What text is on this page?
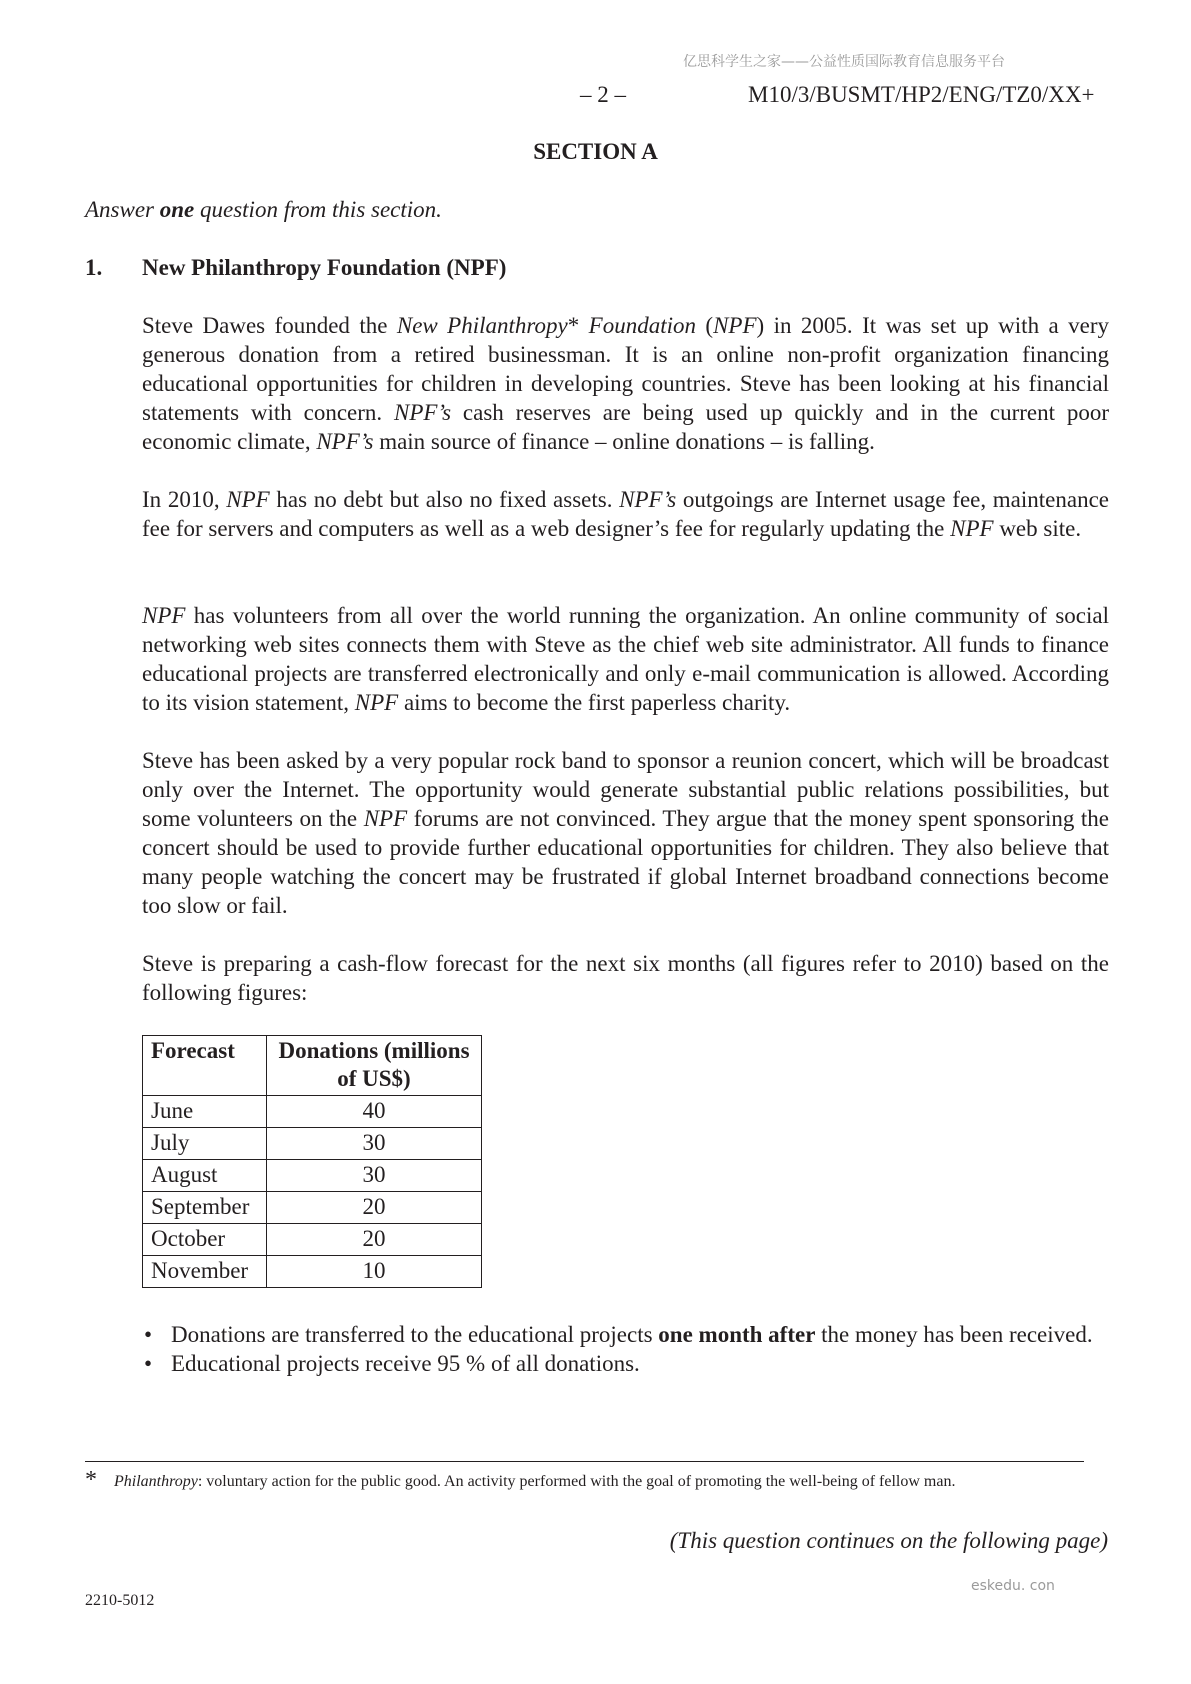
亿思科学生之家——公益性质国际教育信息服务平台
– 2 –	M10/3/BUSMT/HP2/ENG/TZ0/XX+
SECTION A
Answer one question from this section.
1. New Philanthropy Foundation (NPF)

Steve Dawes founded the New Philanthropy* Foundation (NPF) in 2005. It was set up with a very generous donation from a retired businessman. It is an online non-profit organization financing educational opportunities for children in developing countries. Steve has been looking at his financial statements with concern. NPF’s cash reserves are being used up quickly and in the current poor economic climate, NPF’s main source of finance – online donations – is falling.

In 2010, NPF has no debt but also no fixed assets. NPF’s outgoings are Internet usage fee, maintenance fee for servers and computers as well as a web designer’s fee for regularly updating the NPF web site.

NPF has volunteers from all over the world running the organization. An online community of social networking web sites connects them with Steve as the chief web site administrator. All funds to finance educational projects are transferred electronically and only e-mail communication is allowed. According to its vision statement, NPF aims to become the first paperless charity.

Steve has been asked by a very popular rock band to sponsor a reunion concert, which will be broadcast only over the Internet. The opportunity would generate substantial public relations possibilities, but some volunteers on the NPF forums are not convinced. They argue that the money spent sponsoring the concert should be used to provide further educational opportunities for children. They also believe that many people watching the concert may be frustrated if global Internet broadband connections become too slow or fail.

Steve is preparing a cash-flow forecast for the next six months (all figures refer to 2010) based on the following figures:

Forecast	Donations (millions of US$)
June	40
July	30
August	30
September	20
October	20
November	10
• Donations are transferred to the educational projects one month after the money has been received.
• Educational projects receive 95 % of all donations.
* Philanthropy: voluntary action for the public good. An activity performed with the goal of promoting the well-being of fellow man.
(This question continues on the following page)
eskedu. con
2210-5012
